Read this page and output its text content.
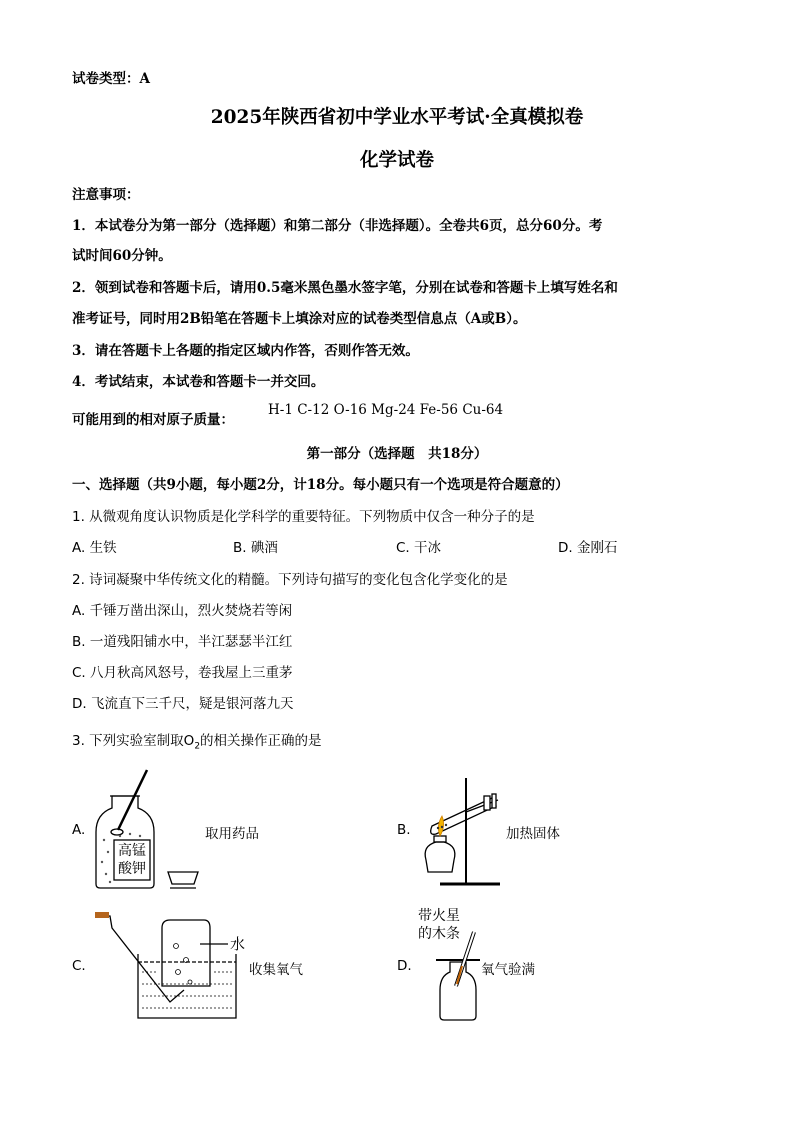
试卷类型：A
2025年陕西省初中学业水平考试·全真模拟卷
化学试卷
注意事项：
1．本试卷分为第一部分（选择题）和第二部分（非选择题）。全卷共6页，总分60分。考
试时间60分钟。
2．领到试卷和答题卡后，请用0.5毫米黑色墨水签字笔，分别在试卷和答题卡上填写姓名和
准考证号，同时用2B铅笔在答题卡上填涂对应的试卷类型信息点（A或B）。
3．请在答题卡上各题的指定区域内作答，否则作答无效。
4．考试结束，本试卷和答题卡一并交回。
可能用到的相对原子质量：
H-1 C-12 O-16 Mg-24 Fe-56 Cu-64
第一部分（选择题　共18分）
一、选择题（共9小题，每小题2分，计18分。每小题只有一个选项是符合题意的）
1. 从微观角度认识物质是化学科学的重要特征。下列物质中仅含一种分子的是
A. 生铁	B. 碘酒	C. 干冰	D. 金刚石
2. 诗词凝聚中华传统文化的精髓。下列诗句描写的变化包含化学变化的是
A. 千锤万凿出深山，烈火焚烧若等闲
B. 一道残阳铺水中，半江瑟瑟半江红
C. 八月秋高风怒号，卷我屋上三重茅
D. 飞流直下三千尺，疑是银河落九天
3. 下列实验室制取$O_2$的相关操作正确的是
A.	取用药品
高锰
酸钾
B.	加热固体
C.	收集氧气
水
D.	氧气验满
带火星
的木条
